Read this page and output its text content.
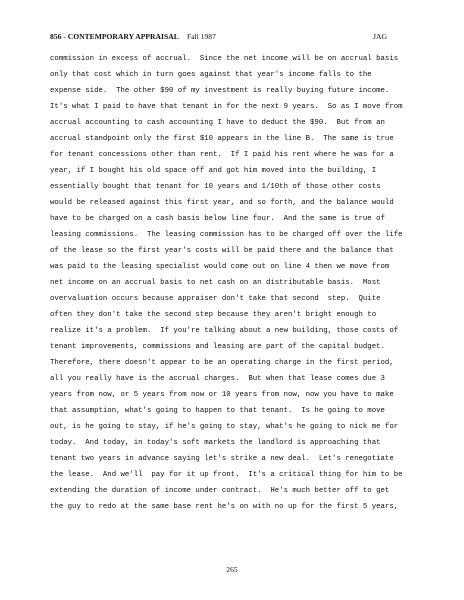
856 - CONTEMPORARY APPRAISAL Fall 1987	JAG
commission in excess of accrual.  Since the net income will be on accrual basis
only that cost which in turn goes against that year's income falls to the
expense side.  The other $90 of my investment is really buying future income.
It's what I paid to have that tenant in for the next 9 years.  So as I move from
accrual accounting to cash accounting I have to deduct the $90.  But from an
accrual standpoint only the first $10 appears in the line B.  The same is true
for tenant concessions other than rent.  If I paid his rent where he was for a
year, if I bought his old space off and got him moved into the building, I
essentially bought that tenant for 10 years and 1/10th of those other costs
would be released against this first year, and so forth, and the balance would
have to be charged on a cash basis below line four.  And the same is true of
leasing commissions.  The leasing commission has to be charged off over the life
of the lease so the first year's costs will be paid there and the balance that
was paid to the leasing specialist would come out on line 4 then we move from
net income on an accrual basis to net cash on an distributable basis.  Most
overvaluation occurs because appraiser don't take that second  step.  Quite
often they don't take the second step because they aren't bright enough to
realize it's a problem.  If you're talking about a new building, those costs of
tenant improvements, commissions and leasing are part of the capital budget.
Therefore, there doesn't appear to be an operating charge in the first period,
all you really have is the accrual charges.  But when that lease comes due 3
years from now, or 5 years from now or 10 years from now, now you have to make
that assumption, what's going to happen to that tenant.  Is he going to move
out, is he going to stay, if he's going to stay, what's he going to nick me for
today.  And today, in today's soft markets the landlord is approaching that
tenant two years in advance saying let's strike a new deal.  Let's renegotiate
the lease.  And we'll  pay for it up front.  It's a critical thing for him to be
extending the duration of income under contract.  He's much better off to get
the guy to redo at the same base rent he's on with no up for the first 5 years,
265
